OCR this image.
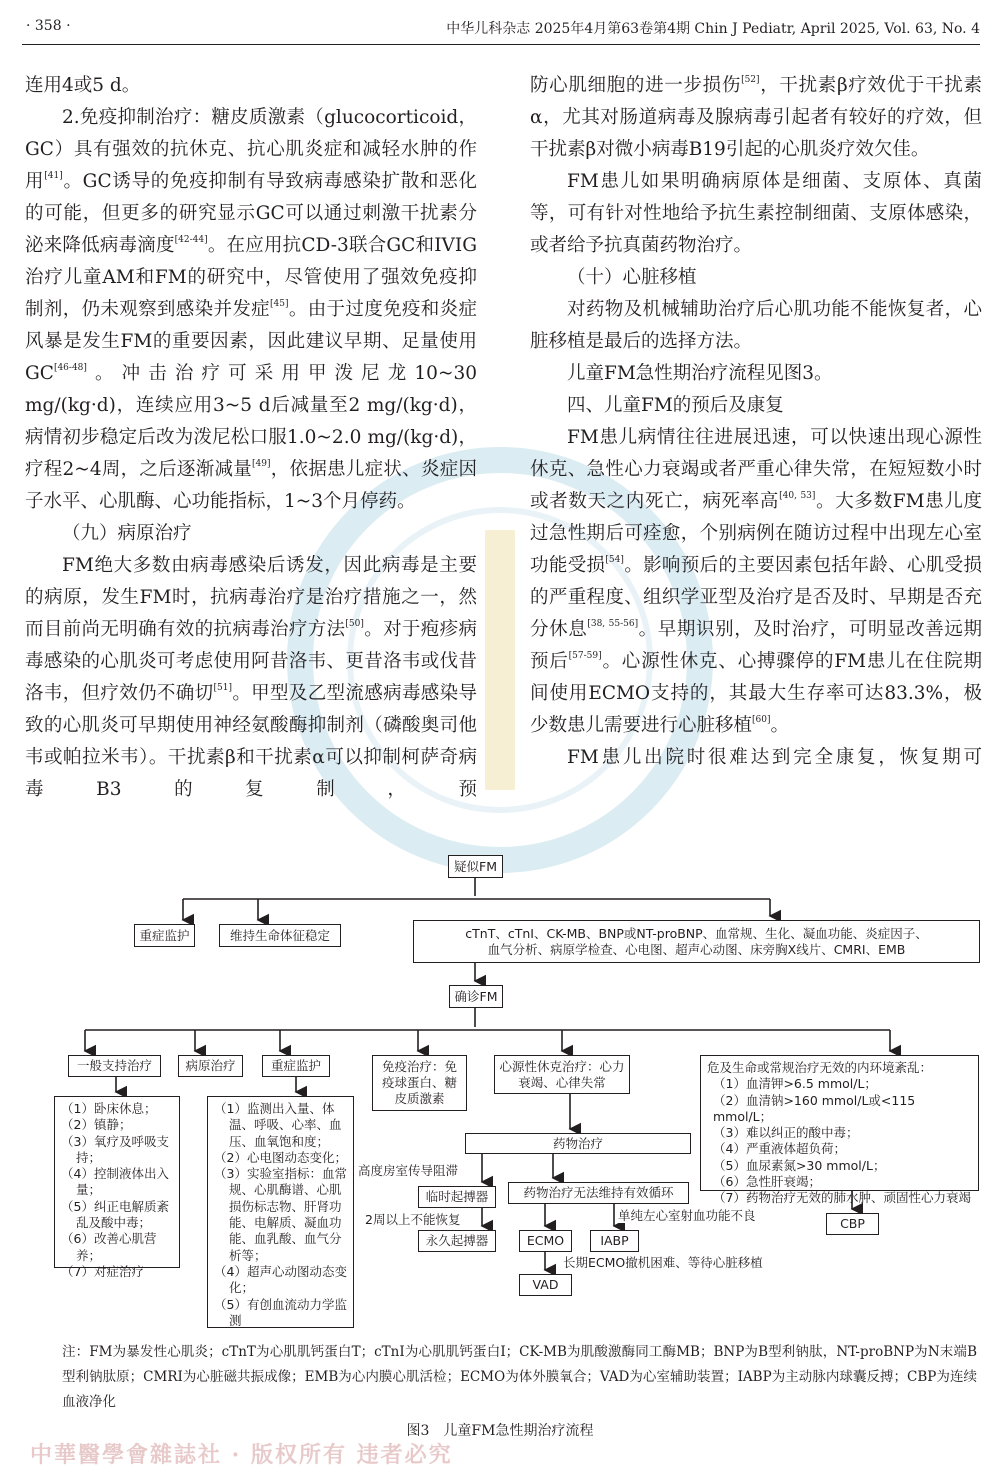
· 358 ·	中华儿科杂志 2025年4月第63卷第4期 Chin J Pediatr, April 2025, Vol. 63, No. 4

连用4或5 d。

2.免疫抑制治疗：糖皮质激素（glucocorticoid，GC）具有强效的抗休克、抗心肌炎症和减轻水肿的作用[41]。GC诱导的免疫抑制有导致病毒感染扩散和恶化的可能，但更多的研究显示GC可以通过刺激干扰素分泌来降低病毒滴度[42-44]。在应用抗CD-3联合GC和IVIG治疗儿童AM和FM的研究中，尽管使用了强效免疫抑制剂，仍未观察到感染并发症[45]。由于过度免疫和炎症风暴是发生FM的重要因素，因此建议早期、足量使用GC[46-48]。冲击治疗可采用甲泼尼龙10~30 mg/(kg·d)，连续应用3~5 d后减量至2 mg/(kg·d)，病情初步稳定后改为泼尼松口服1.0~2.0 mg/(kg·d)，疗程2~4周，之后逐渐减量[49]，依据患儿症状、炎症因子水平、心肌酶、心功能指标，1~3个月停药。

（九）病原治疗

FM绝大多数由病毒感染后诱发，因此病毒是主要的病原，发生FM时，抗病毒治疗是治疗措施之一，然而目前尚无明确有效的抗病毒治疗方法[50]。对于疱疹病毒感染的心肌炎可考虑使用阿昔洛韦、更昔洛韦或伐昔洛韦，但疗效仍不确切[51]。甲型及乙型流感病毒感染导致的心肌炎可早期使用神经氨酸酶抑制剂（磷酸奥司他韦或帕拉米韦）。干扰素β和干扰素α可以抑制柯萨奇病毒B3的复制，预

防心肌细胞的进一步损伤[52]，干扰素β疗效优于干扰素α，尤其对肠道病毒及腺病毒引起者有较好的疗效，但干扰素β对微小病毒B19引起的心肌炎疗效欠佳。

FM患儿如果明确病原体是细菌、支原体、真菌等，可有针对性地给予抗生素控制细菌、支原体感染，或者给予抗真菌药物治疗。

（十）心脏移植

对药物及机械辅助治疗后心肌功能不能恢复者，心脏移植是最后的选择方法。

儿童FM急性期治疗流程见图3。

四、儿童FM的预后及康复

FM患儿病情往往进展迅速，可以快速出现心源性休克、急性心力衰竭或者严重心律失常，在短短数小时或者数天之内死亡，病死率高[40, 53]。大多数FM患儿度过急性期后可痊愈，个别病例在随访过程中出现左心室功能受损[54]。影响预后的主要因素包括年龄、心肌受损的严重程度、组织学亚型及治疗是否及时、早期是否充分休息[38, 55-56]。早期识别，及时治疗，可明显改善远期预后[57-59]。心源性休克、心搏骤停的FM患儿在住院期间使用ECMO支持的，其最大生存率可达83.3%，极少数患儿需要进行心脏移植[60]。

FM患儿出院时很难达到完全康复，恢复期可

疑似FM
重症监护	维持生命体征稳定	cTnT、cTnI、CK-MB、BNP或NT-proBNP、血常规、生化、凝血功能、炎症因子、
血气分析、病原学检查、心电图、超声心动图、床旁胸X线片、CMRI、EMB
确诊FM
一般支持治疗	病原治疗	重症监护	免疫治疗：免疫球蛋白、糖皮质激素
心源性休克治疗：心力衰竭、心律失常
（1）卧床休息；
（2）镇静；
（3）氧疗及呼吸支持；
（4）控制液体出入量；
（5）纠正电解质紊乱及酸中毒；
（6）改善心肌营养；
（7）对症治疗
（1）监测出入量、体温、呼吸、心率、血压、血氧饱和度；
（2）心电图动态变化；
（3）实验室指标：血常规、心肌酶谱、心肌损伤标志物、肝肾功能、电解质、凝血功能、血乳酸、血气分析等；
（4）超声心动图动态变化；
（5）有创血流动力学监测
药物治疗
高度房室传导阻滞
临时起搏器
2周以上不能恢复
永久起搏器
药物治疗无法维持有效循环
单纯左心室射血功能不良
ECMO	IABP
长期ECMO撤机困难、等待心脏移植
VAD
危及生命或常规治疗无效的内环境紊乱：
（1）血清钾>6.5 mmol/L；
（2）血清钠>160 mmol/L或<115 mmol/L；
（3）难以纠正的酸中毒；
（4）严重液体超负荷；
（5）血尿素氮>30 mmol/L；
（6）急性肝衰竭；
（7）药物治疗无效的肺水肿、顽固性心力衰竭
CBP
注：FM为暴发性心肌炎；cTnT为心肌肌钙蛋白T；cTnI为心肌肌钙蛋白I；CK-MB为肌酸激酶同工酶MB；BNP为B型利钠肽，NT-proBNP为N末端B型利钠肽原；CMRI为心脏磁共振成像；EMB为心内膜心肌活检；ECMO为体外膜氧合；VAD为心室辅助装置；IABP为主动脉内球囊反搏；CBP为连续血液净化
图3　儿童FM急性期治疗流程
中華醫學會雜誌社 · 版权所有 违者必究
